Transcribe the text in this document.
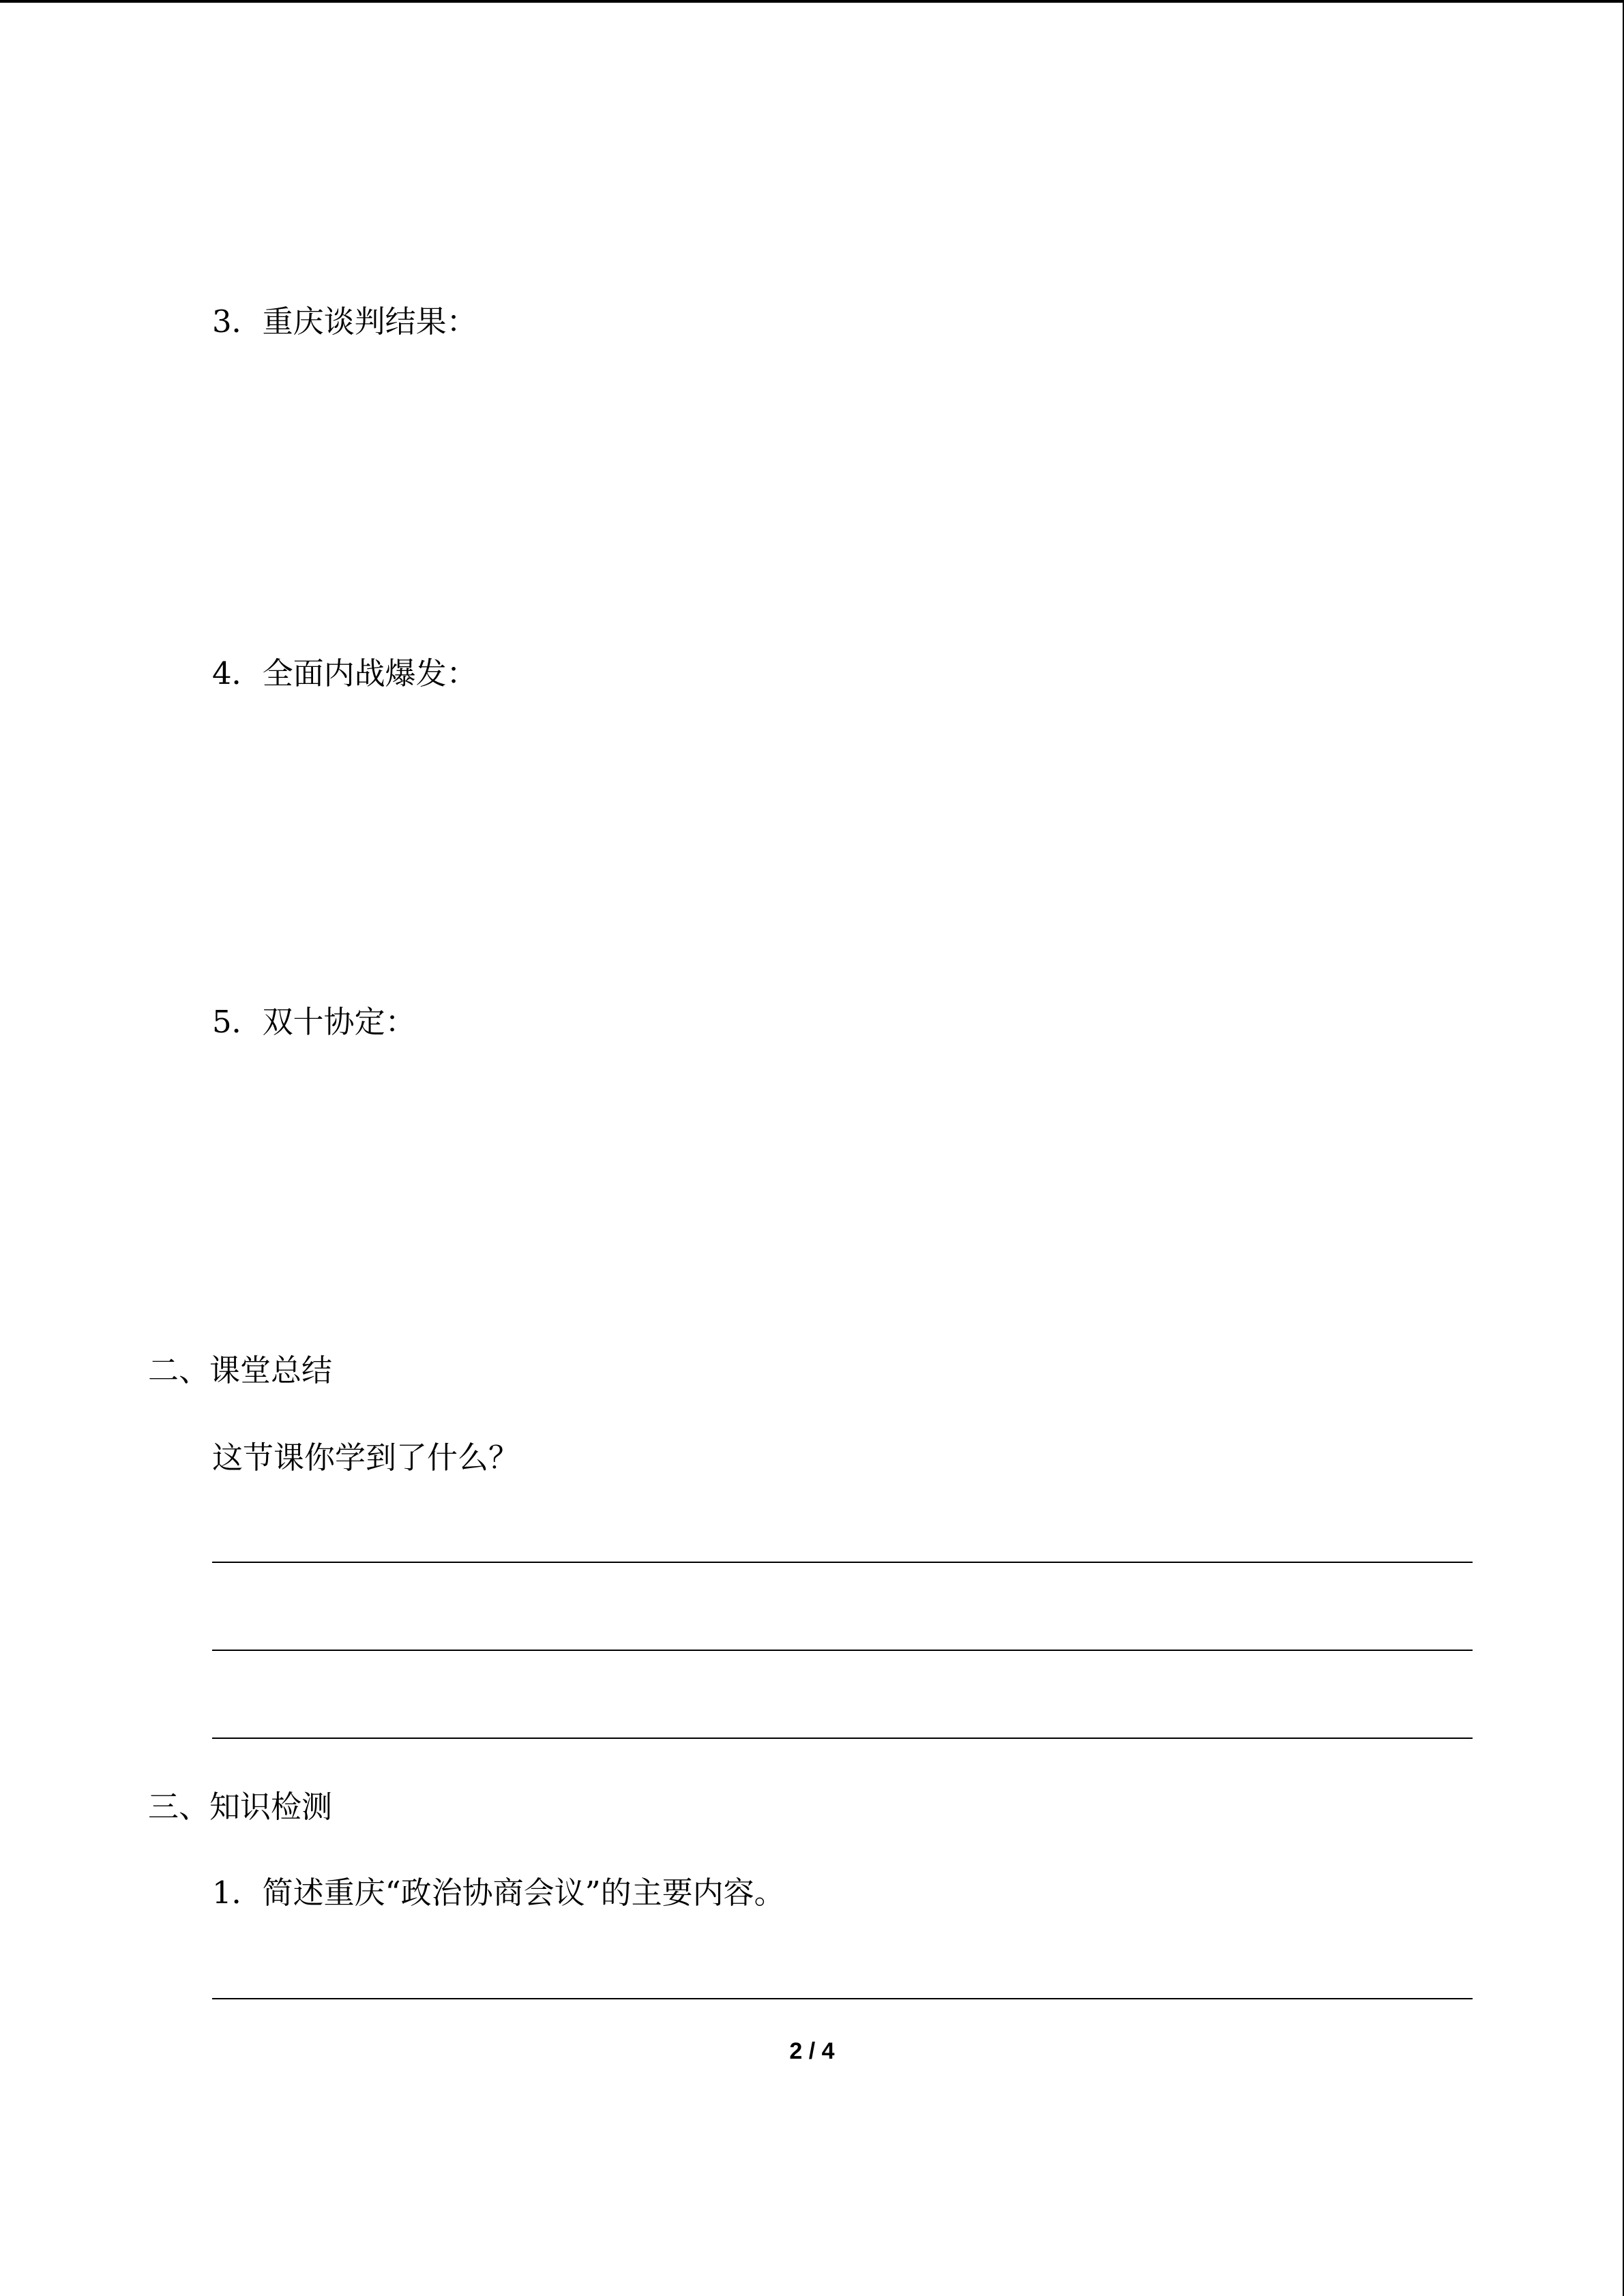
3．重庆谈判结果：
4．全面内战爆发：
5．双十协定：
二、课堂总结
这节课你学到了什么？
三、知识检测
1．简述重庆“政治协商会议”的主要内容。
2 / 4
